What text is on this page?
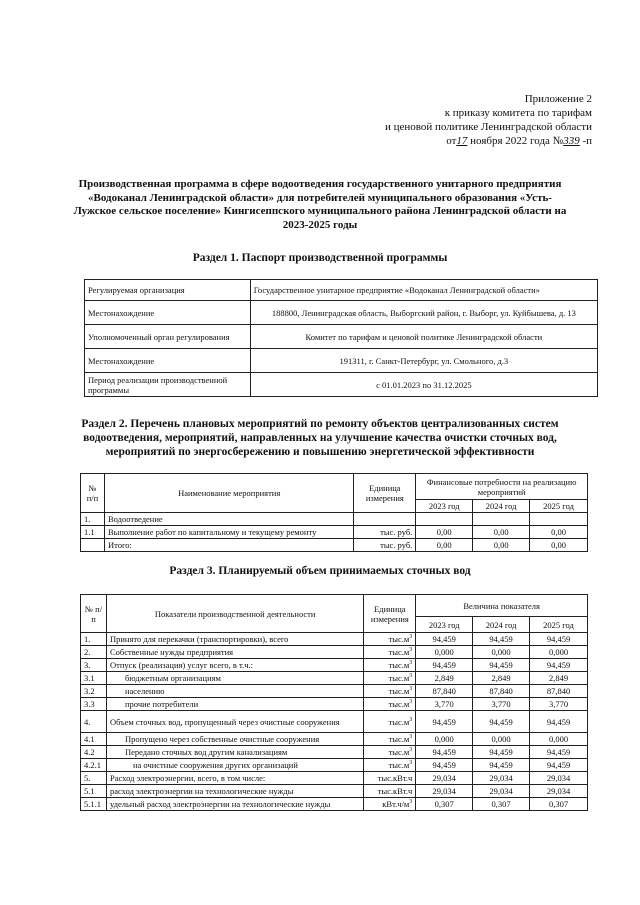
Приложение 2
к приказу комитета по тарифам
и ценовой политике Ленинградской области
от17 ноября 2022 года №339 -п
Производственная программа в сфере водоотведения государственного унитарного предприятия «Водоканал Ленинградской области» для потребителей муниципального образования «Усть-Лужское сельское поселение» Кингисеппского муниципального района Ленинградской области на 2023-2025 годы
Раздел 1. Паспорт производственной программы
Регулируемая организация	Государственное унитарное предприятие «Водоканал Ленинградской области»
Местонахождение	188800, Ленинградская область, Выборгский район, г. Выборг, ул. Куйбышева, д. 13
Уполномоченный орган регулирования	Комитет по тарифам и ценовой политике Ленинградской области
Местонахождение	191311, г. Санкт-Петербург, ул. Смольного, д.3
Период реализации производственной программы	с 01.01.2023 по 31.12.2025
Раздел 2. Перечень плановых мероприятий по ремонту объектов централизованных систем водоотведения, мероприятий, направленных на улучшение качества очистки сточных вод, мероприятий по энергосбережению и повышению энергетической эффективности
№ п/п	Наименование мероприятия	Единица измерения	Финансовые потребности на реализацию мероприятий		
			2023 год	2024 год	2025 год
1.	Водоотведение				
1.1	Выполнение работ по капитальному и текущему ремонту	тыс. руб.	0,00	0,00	0,00
	Итого:	тыс. руб.	0,00	0,00	0,00
Раздел 3. Планируемый объем принимаемых сточных вод
№ п/п	Показатели производственной деятельности	Единица измерения	Величина показателя		
			2023 год	2024 год	2025 год
1.	Принято для перекачки (транспортировки), всего	$тыс.м^3$	94,459	94,459	94,459
2.	Собственные нужды предприятия	$тыс.м^3$	0,000	0,000	0,000
3.	Отпуск (реализация) услуг всего, в т.ч.:	$тыс.м^3$	94,459	94,459	94,459
3.1	бюджетным организациям	$тыс.м^3$	2,849	2,849	2,849
3.2	населению	$тыс.м^3$	87,840	87,840	87,840
3.3	прочие потребители	$тыс.м^3$	3,770	3,770	3,770
4.	Объем сточных вод, пропущенный через очистные сооружения	$тыс.м^3$	94,459	94,459	94,459
4.1	Пропущено через собственные очистные сооружения	$тыс.м^3$	0,000	0,000	0,000
4.2	Передано сточных вод другим канализациям	$тыс.м^3$	94,459	94,459	94,459
4.2.1	на очистные сооружения других организаций	$тыс.м^3$	94,459	94,459	94,459
5.	Расход электроэнергии, всего, в том числе:	тыс.кВт.ч	29,034	29,034	29,034
5.1	расход электроэнергии на технологические нужды	тыс.кВт.ч	29,034	29,034	29,034
5.1.1	удельный расход электроэнергии на технологические нужды	$кВт.ч/м^3$	0,307	0,307	0,307
